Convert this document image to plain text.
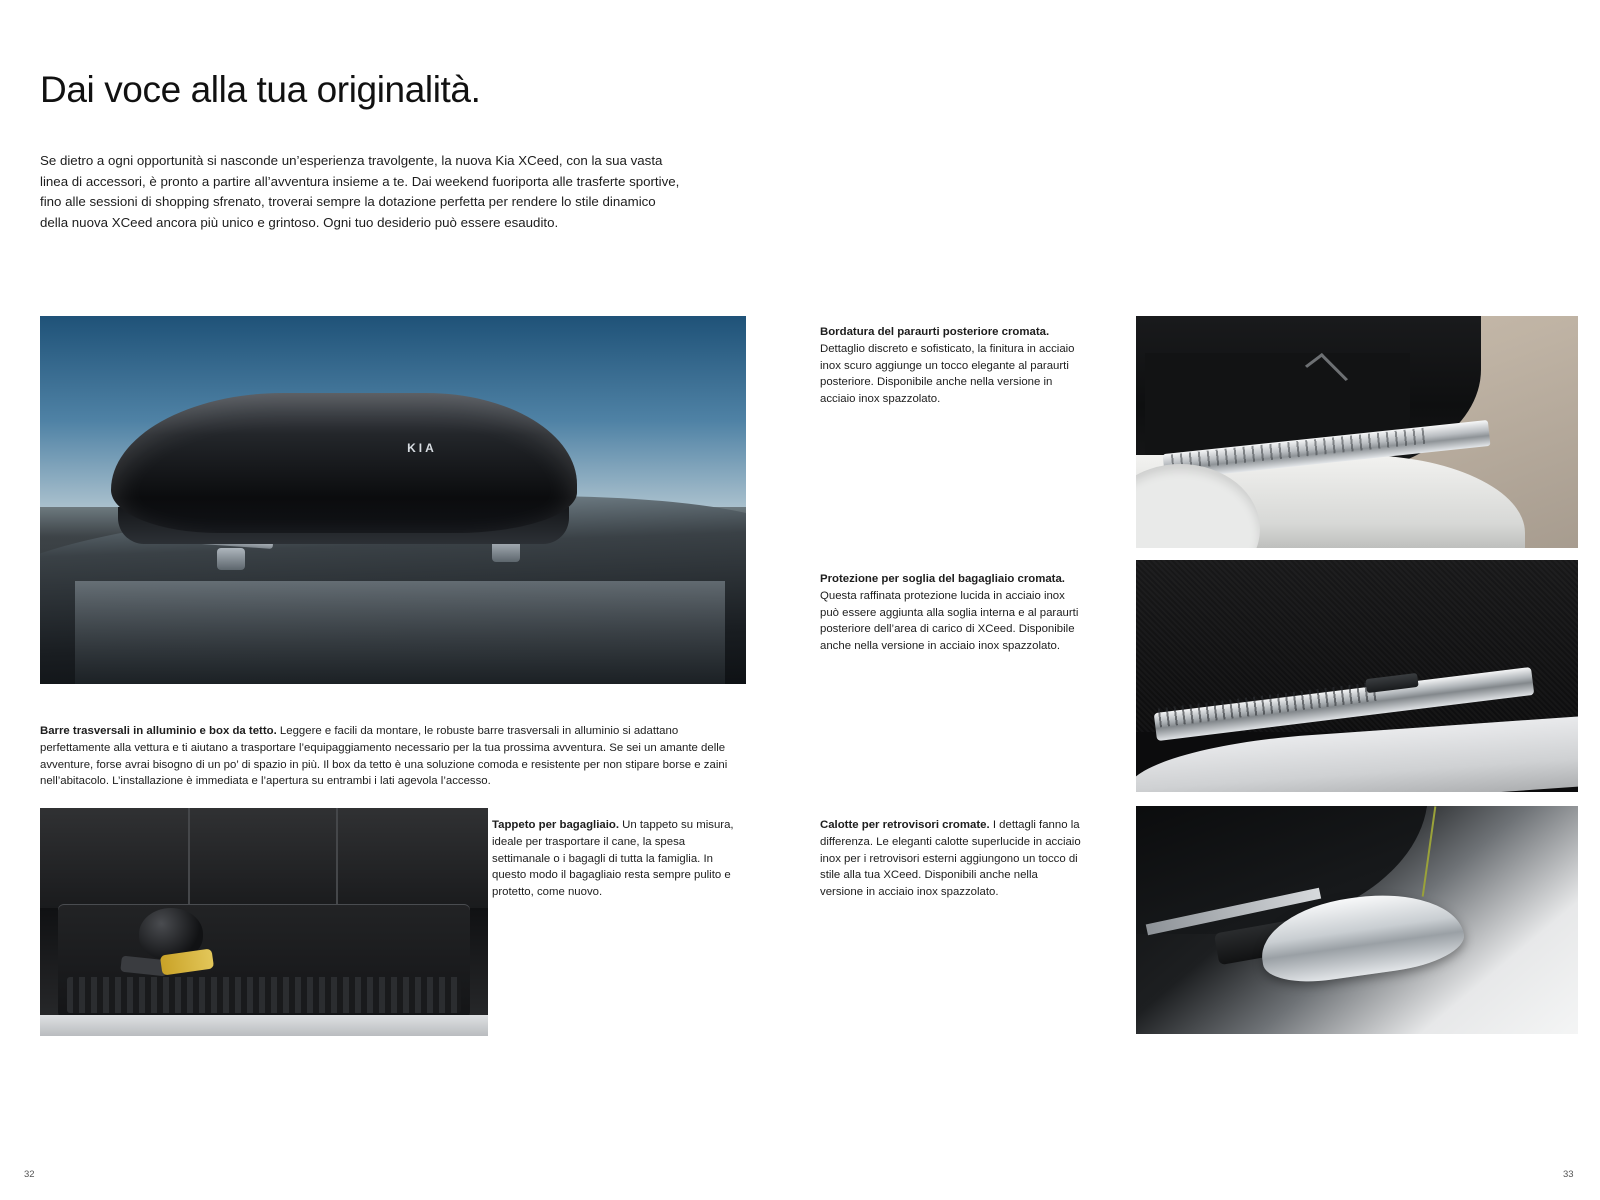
Dai voce alla tua originalità.

Se dietro a ogni opportunità si nasconde un’esperienza travolgente, la nuova Kia XCeed, con la sua vasta linea di accessori, è pronto a partire all’avventura insieme a te. Dai weekend fuoriporta alle trasferte sportive, fino alle sessioni di shopping sfrenato, troverai sempre la dotazione perfetta per rendere lo stile dinamico della nuova XCeed ancora più unico e grintoso. Ogni tuo desiderio può essere esaudito.

KIA

Barre trasversali in alluminio e box da tetto. Leggere e facili da montare, le robuste barre trasversali in alluminio si adattano perfettamente alla vettura e ti aiutano a trasportare l’equipaggiamento necessario per la tua prossima avventura. Se sei un amante delle avventure, forse avrai bisogno di un po’ di spazio in più. Il box da tetto è una soluzione comoda e resistente per non stipare borse e zaini nell’abitacolo. L’installazione è immediata e l’apertura su entrambi i lati agevola l’accesso.

Tappeto per bagagliaio. Un tappeto su misura, ideale per trasportare il cane, la spesa settimanale o i bagagli di tutta la famiglia. In questo modo il bagagliaio resta sempre pulito e protetto, come nuovo.

Bordatura del paraurti posteriore cromata. Dettaglio discreto e sofisticato, la finitura in acciaio inox scuro aggiunge un tocco elegante al paraurti posteriore. Disponibile anche nella versione in acciaio inox spazzolato.

Protezione per soglia del bagagliaio cromata. Questa raffinata protezione lucida in acciaio inox può essere aggiunta alla soglia interna e al paraurti posteriore dell’area di carico di XCeed. Disponibile anche nella versione in acciaio inox spazzolato.

Calotte per retrovisori cromate. I dettagli fanno la differenza. Le eleganti calotte superlucide in acciaio inox per i retrovisori esterni aggiungono un tocco di stile alla tua XCeed. Disponibili anche nella versione in acciaio inox spazzolato.

32	33
